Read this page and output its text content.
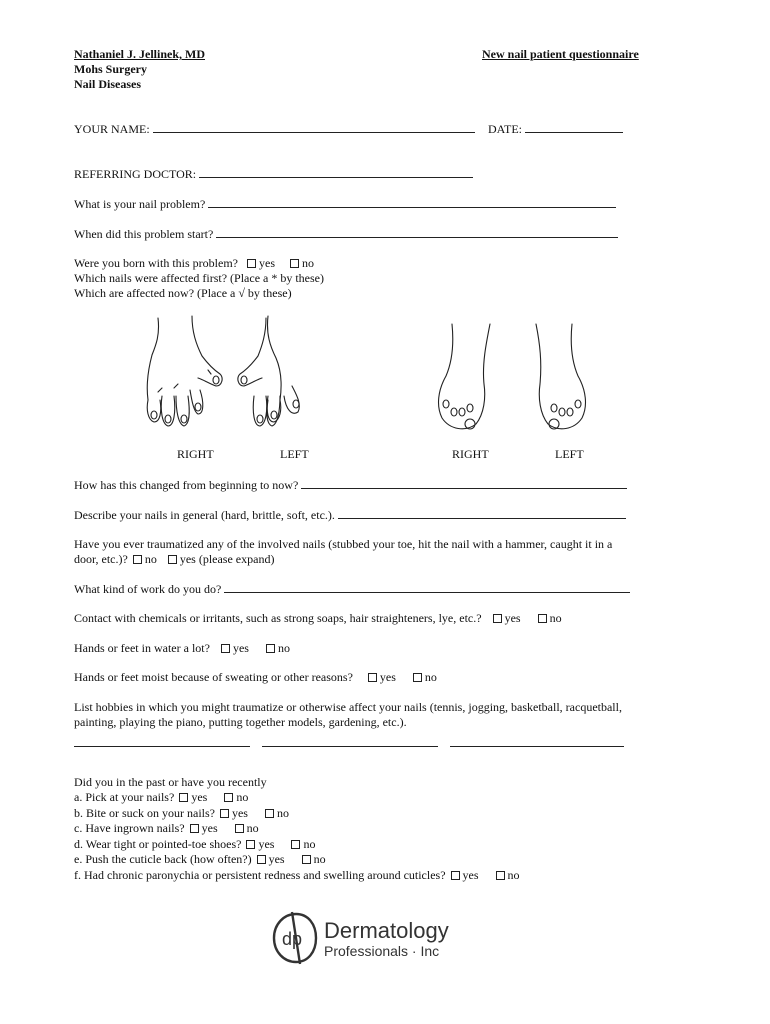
Nathaniel J. Jellinek, MD
Mohs Surgery
Nail Diseases
New nail patient questionnaire
YOUR NAME:	DATE:
REFERRING DOCTOR:
What is your nail problem?
When did this problem start?
Were you born with this problem? yes no
Which nails were affected first? (Place a * by these)
Which are affected now? (Place a √ by these)
RIGHT	LEFT	RIGHT	LEFT
How has this changed from beginning to now?
Describe your nails in general (hard, brittle, soft, etc.).
Have you ever traumatized any of the involved nails (stubbed your toe, hit the nail with a hammer, caught it in a
door, etc.)? no yes (please expand)
What kind of work do you do?
Contact with chemicals or irritants, such as strong soaps, hair straighteners, lye, etc.? yes no
Hands or feet in water a lot? yes no
Hands or feet moist because of sweating or other reasons? yes no
List hobbies in which you might traumatize or otherwise affect your nails (tennis, jogging, basketball, racquetball,
painting, playing the piano, putting together models, gardening, etc.).
Did you in the past or have you recently
a. Pick at your nails? yes no
b. Bite or suck on your nails? yes no
c. Have ingrown nails? yes no
d. Wear tight or pointed-toe shoes? yes no
e. Push the cuticle back (how often?) yes no
f. Had chronic paronychia or persistent redness and swelling around cuticles? yes no
dp Dermatology
Professionals · Inc
